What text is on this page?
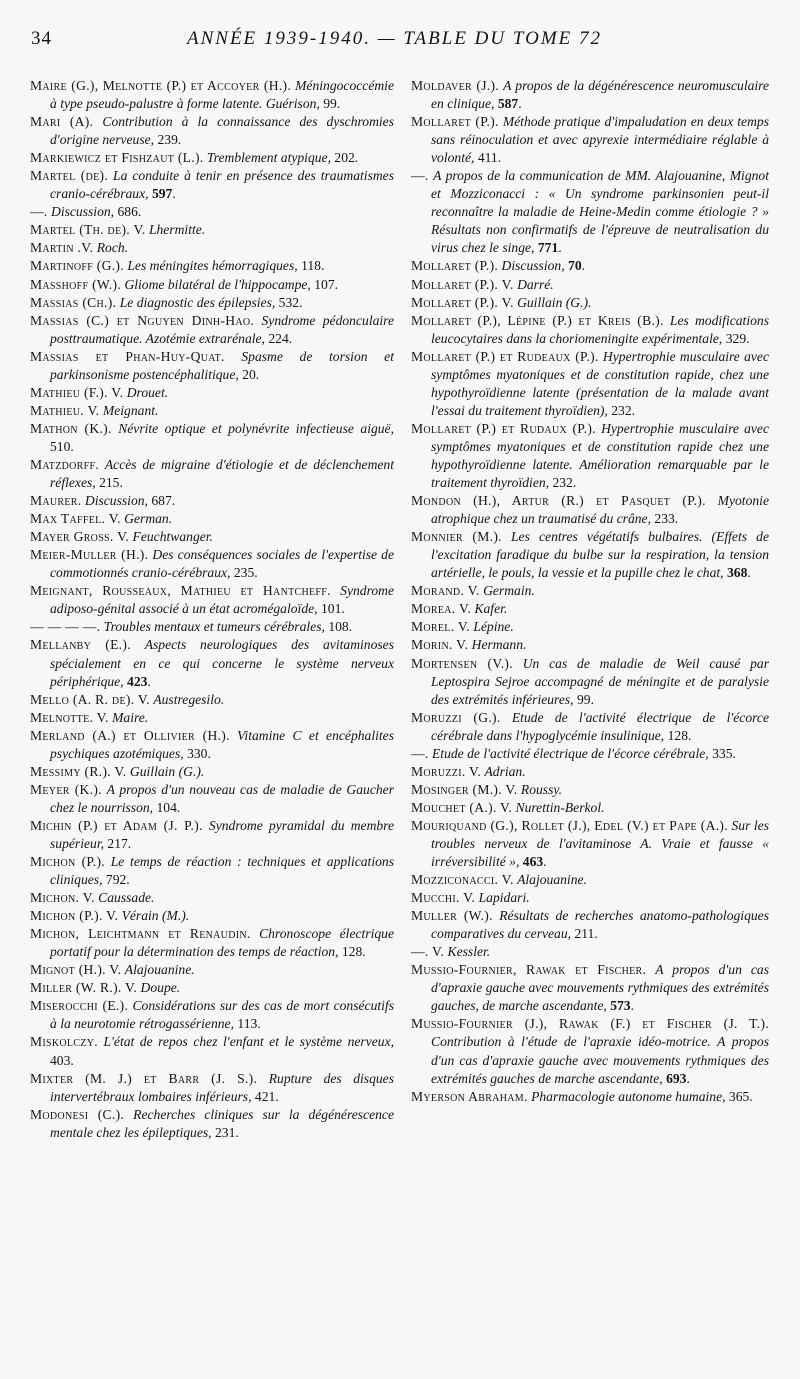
34	ANNÉE 1939-1940. — TABLE DU TOME 72

Maire (G.), Melnotte (P.) et Accoyer (H.). Méningococcémie à type pseudo-palustre à forme latente. Guérison, 99.

Mari (A). Contribution à la connaissance des dyschromies d'origine nerveuse, 239.

Markiewicz et Fishzaut (L.). Tremblement atypique, 202.

Martel (de). La conduite à tenir en présence des traumatismes cranio-cérébraux, 597.

—. Discussion, 686.

Martel (Th. de). V. Lhermitte.

Martin .V. Roch.

Martinoff (G.). Les méningites hémorragiques, 118.

Masshoff (W.). Gliome bilatéral de l'hippocampe, 107.

Massias (Ch.). Le diagnostic des épilepsies, 532.

Massias (C.) et Nguyen Dinh-Hao. Syndrome pédonculaire posttraumatique. Azotémie extrarénale, 224.

Massias et Phan-Huy-Quat. Spasme de torsion et parkinsonisme postencéphalitique, 20.

Mathieu (F.). V. Drouet.

Mathieu. V. Meignant.

Mathon (K.). Névrite optique et polynévrite infectieuse aiguë, 510.

Matzdorff. Accès de migraine d'étiologie et de déclenchement réflexes, 215.

Maurer. Discussion, 687.

Max Taffel. V. German.

Mayer Gross. V. Feuchtwanger.

Meier-Muller (H.). Des conséquences sociales de l'expertise de commotionnés cranio-cérébraux, 235.

Meignant, Rousseaux, Mathieu et Hantcheff. Syndrome adiposo-génital associé à un état acromégaloïde, 101.

— — — —. Troubles mentaux et tumeurs cérébrales, 108.

Mellanby (E.). Aspects neurologiques des avitaminoses spécialement en ce qui concerne le système nerveux périphérique, 423.

Mello (A. R. de). V. Austregesilo.

Melnotte. V. Maire.

Merland (A.) et Ollivier (H.). Vitamine C et encéphalites psychiques azotémiques, 330.

Messimy (R.). V. Guillain (G.).

Meyer (K.). A propos d'un nouveau cas de maladie de Gaucher chez le nourrisson, 104.

Michin (P.) et Adam (J. P.). Syndrome pyramidal du membre supérieur, 217.

Michon (P.). Le temps de réaction : techniques et applications cliniques, 792.

Michon. V. Caussade.

Michon (P.). V. Vérain (M.).

Michon, Leichtmann et Renaudin. Chronoscope électrique portatif pour la détermination des temps de réaction, 128.

Mignot (H.). V. Alajouanine.

Miller (W. R.). V. Doupe.

Miserocchi (E.). Considérations sur des cas de mort consécutifs à la neurotomie rétrogassérienne, 113.

Miskolczy. L'état de repos chez l'enfant et le système nerveux, 403.

Mixter (M. J.) et Barr (J. S.). Rupture des disques intervertébraux lombaires inférieurs, 421.

Modonesi (C.). Recherches cliniques sur la dégénérescence mentale chez les épileptiques, 231.

Moldaver (J.). A propos de la dégénérescence neuromusculaire en clinique, 587.

Mollaret (P.). Méthode pratique d'impaludation en deux temps sans réinoculation et avec apyrexie intermédiaire réglable à volonté, 411.

—. A propos de la communication de MM. Alajouanine, Mignot et Mozziconacci : « Un syndrome parkinsonien peut-il reconnaître la maladie de Heine-Medin comme étiologie ? » Résultats non confirmatifs de l'épreuve de neutralisation du virus chez le singe, 771.

Mollaret (P.). Discussion, 70.

Mollaret (P.). V. Darré.

Mollaret (P.). V. Guillain (G.).

Mollaret (P.), Lépine (P.) et Kreis (B.). Les modifications leucocytaires dans la choriomeningite expérimentale, 329.

Mollaret (P.) et Rudeaux (P.). Hypertrophie musculaire avec symptômes myatoniques et de constitution rapide, chez une hypothyroïdienne latente (présentation de la malade avant l'essai du traitement thyroïdien), 232.

Mollaret (P.) et Rudaux (P.). Hypertrophie musculaire avec symptômes myatoniques et de constitution rapide chez une hypothyroïdienne latente. Amélioration remarquable par le traitement thyroïdien, 232.

Mondon (H.), Artur (R.) et Pasquet (P.). Myotonie atrophique chez un traumatisé du crâne, 233.

Monnier (M.). Les centres végétatifs bulbaires. (Effets de l'excitation faradique du bulbe sur la respiration, la tension artérielle, le pouls, la vessie et la pupille chez le chat, 368.

Morand. V. Germain.

Morea. V. Kafer.

Morel. V. Lépine.

Morin. V. Hermann.

Mortensen (V.). Un cas de maladie de Weil causé par Leptospira Sejroe accompagné de méningite et de paralysie des extrémités inférieures, 99.

Moruzzi (G.). Etude de l'activité électrique de l'écorce cérébrale dans l'hypoglycémie insulinique, 128.

—. Etude de l'activité électrique de l'écorce cérébrale, 335.

Moruzzi. V. Adrian.

Mosinger (M.). V. Roussy.

Mouchet (A.). V. Nurettin-Berkol.

Mouriquand (G.), Rollet (J.), Edel (V.) et Pape (A.). Sur les troubles nerveux de l'avitaminose A. Vraie et fausse « irréversibilité », 463.

Mozziconacci. V. Alajouanine.

Mucchi. V. Lapidari.

Muller (W.). Résultats de recherches anatomo-pathologiques comparatives du cerveau, 211.

—. V. Kessler.

Mussio-Fournier, Rawak et Fischer. A propos d'un cas d'apraxie gauche avec mouvements rythmiques des extrémités gauches, de marche ascendante, 573.

Mussio-Fournier (J.), Rawak (F.) et Fischer (J. T.). Contribution à l'étude de l'apraxie idéo-motrice. A propos d'un cas d'apraxie gauche avec mouvements rythmiques des extrémités gauches de marche ascendante, 693.

Myerson Abraham. Pharmacologie autonome humaine, 365.
